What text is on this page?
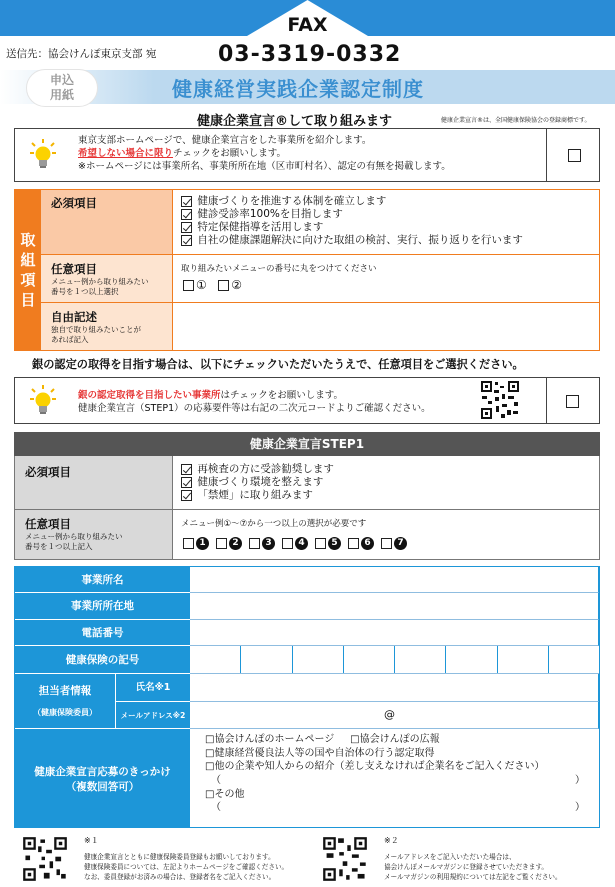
FAX
送信先：協会けんぽ東京支部 宛	03-3319-0332
申込
用紙	健康経営実践企業認定制度
健康企業宣言®して取り組みます	健康企業宣言®は、全国健康保険協会の登録商標です。
東京支部ホームページで、健康企業宣言をした事業所を紹介します。
希望しない場合に限りチェックをお願いします。
※ホームページには事業所名、事業所所在地（区市町村名）、認定の有無を掲載します。
取
組
項
目
必須項目	健康づくりを推進する体制を確立します
健診受診率100%を目指します
特定保健指導を活用します
自社の健康課題解決に向けた取組の検討、実行、振り返りを行います
任意項目
メニュー例から取り組みたい
番号を１つ以上選択
取り組みたいメニューの番号に丸をつけてください
① ②
自由記述
独自で取り組みたいことが
あれば記入
銀の認定の取得を目指す場合は、以下にチェックいただいたうえで、任意項目をご選択ください。
銀の認定取得を目指したい事業所はチェックをお願いします。
健康企業宣言（STEP1）の応募要件等は右記の二次元コードよりご確認ください。
健康企業宣言STEP1
必須項目	再検査の方に受診勧奨します
健康づくり環境を整えます
「禁煙」に取り組みます
任意項目
メニュー例から取り組みたい
番号を１つ以上記入
メニュー例①～⑦から一つ以上の選択が必要です
1	2	3	4	5	6	7
事業所名
事業所所在地
電話番号
健康保険の記号
担当者情報
（健康保険委員）
氏名※1
メールアドレス※2	@
健康企業宣言応募のきっかけ
（複数回答可）
□協会けんぽのホームページ □協会けんぽの広報
□健康経営優良法人等の国や自治体の行う認定取得
□他の企業や知人からの紹介（差し支えなければ企業名をご記入ください）
（	）
□その他
（	）
※１
健康企業宣言とともに健康保険委員登録もお願いしております。
健康保険委員については、左記よりホームページをご確認ください。
なお、委員登録がお済みの場合は、登録者名をご記入ください。
※２
メールアドレスをご記入いただいた場合は、
協会けんぽメールマガジンに登録させていただきます。
メールマガジンの利用規約については左記をご覧ください。
